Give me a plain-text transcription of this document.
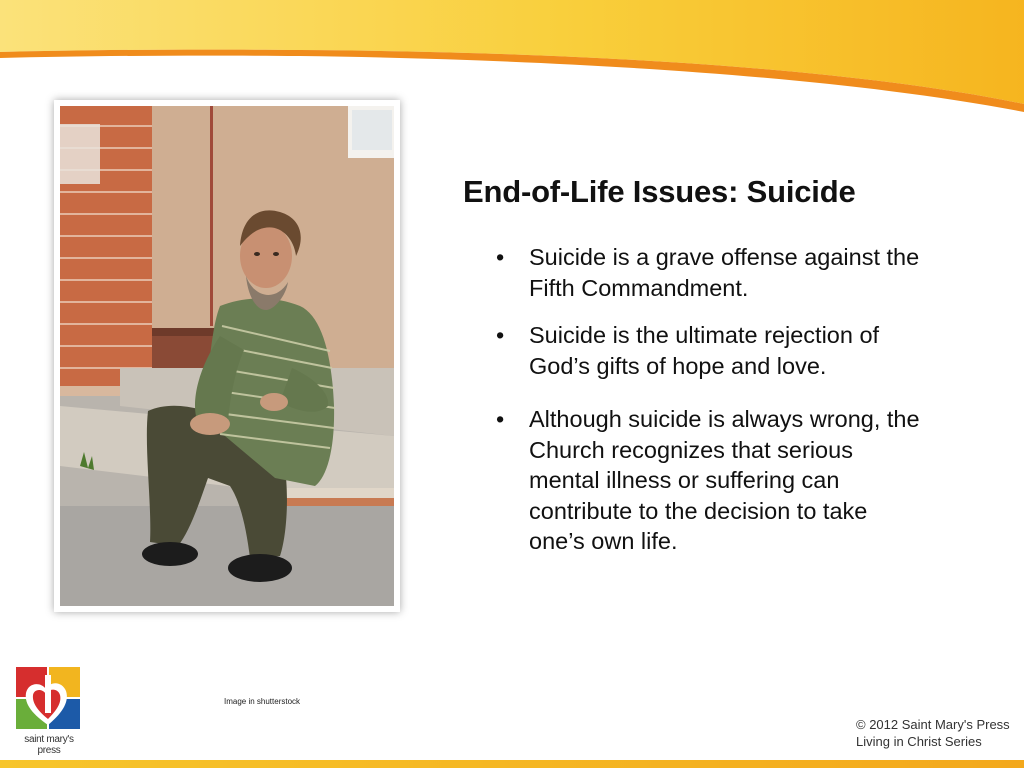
End-of-Life Issues: Suicide
• Suicide is a grave offense against the Fifth Commandment.
• Suicide is the ultimate rejection of God’s gifts of hope and love.
• Although suicide is always wrong, the Church recognizes that serious mental illness or suffering can contribute to the decision to take one’s own life.
Image in shutterstock
saint mary's press
© 2012 Saint Mary's Press
Living in Christ Series
